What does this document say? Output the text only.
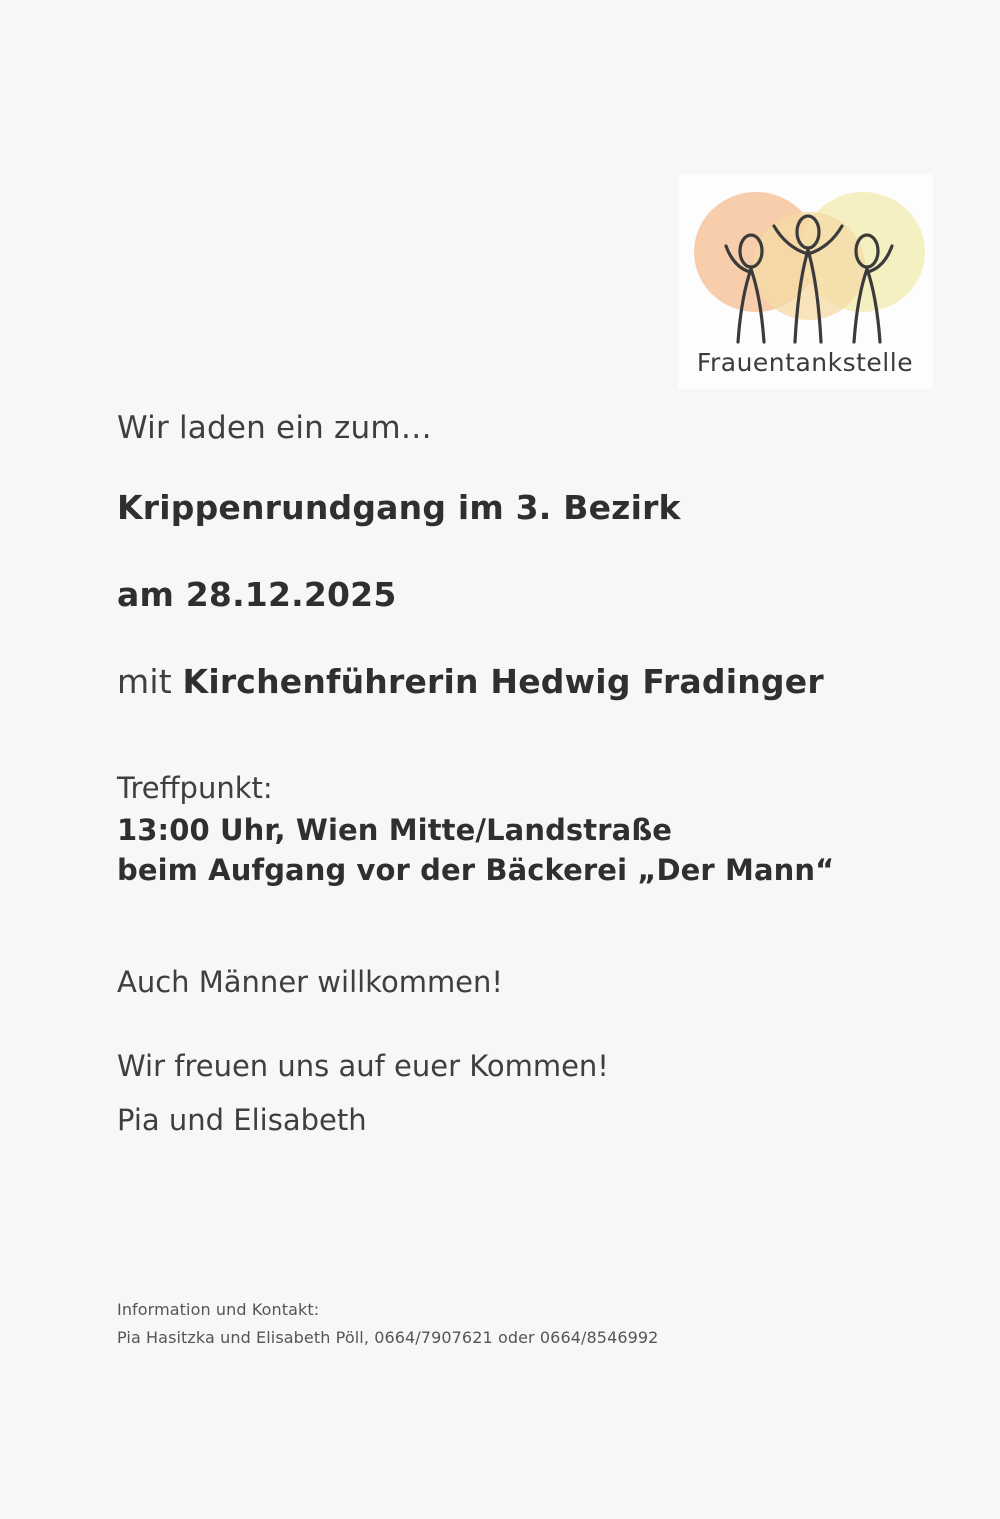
Frauentankstelle

Wir laden ein zum…

Krippenrundgang im 3. Bezirk

am 28.12.2025

mit Kirchenführerin Hedwig Fradinger

Treffpunkt:

13:00 Uhr, Wien Mitte/Landstraße

beim Aufgang vor der Bäckerei „Der Mann“

Auch Männer willkommen!

Wir freuen uns auf euer Kommen!

Pia und Elisabeth

Information und Kontakt:

Pia Hasitzka und Elisabeth Pöll, 0664/7907621 oder 0664/8546992
